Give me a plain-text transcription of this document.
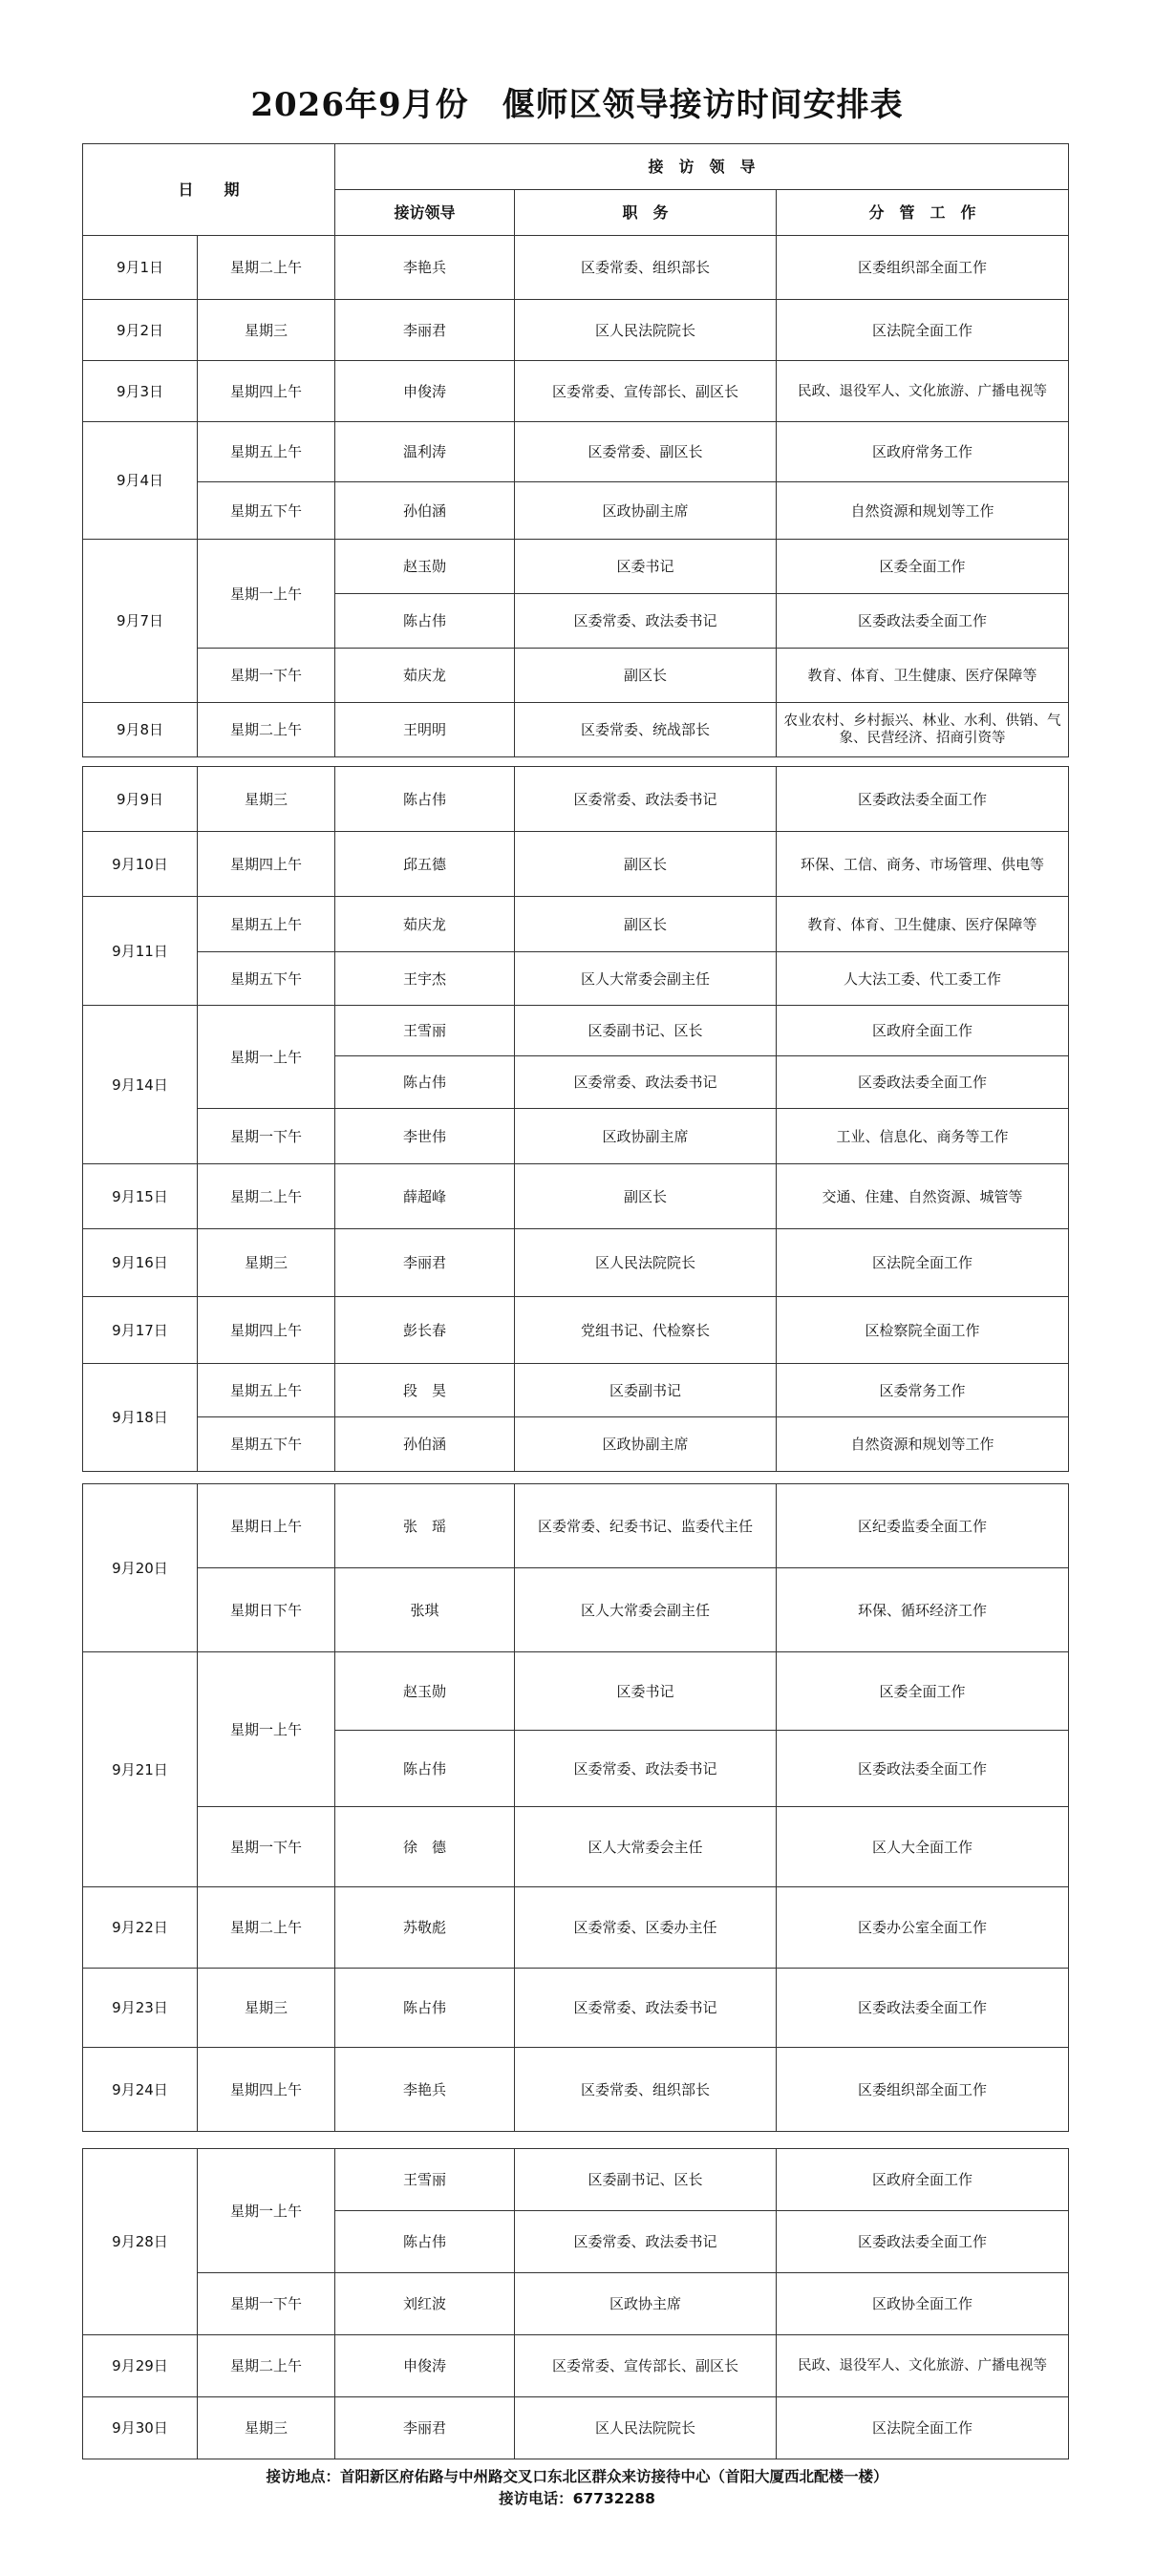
2026年9月份　偃师区领导接访时间安排表
日　　期		接　访　领　导		
		接访领导	职　务	分　管　工　作
9月1日	星期二上午	李艳兵	区委常委、组织部长	区委组织部全面工作
9月2日	星期三	李丽君	区人民法院院长	区法院全面工作
9月3日	星期四上午	申俊涛	区委常委、宣传部长、副区长	民政、退役军人、文化旅游、广播电视等
9月4日	星期五上午	温利涛	区委常委、副区长	区政府常务工作
	星期五下午	孙伯涵	区政协副主席	自然资源和规划等工作
9月7日	星期一上午	赵玉勋	区委书记	区委全面工作
		陈占伟	区委常委、政法委书记	区委政法委全面工作
	星期一下午	茹庆龙	副区长	教育、体育、卫生健康、医疗保障等
9月8日	星期二上午	王明明	区委常委、统战部长	农业农村、乡村振兴、林业、水利、供销、气象、民营经济、招商引资等
9月9日	星期三	陈占伟	区委常委、政法委书记	区委政法委全面工作
9月10日	星期四上午	邱五德	副区长	环保、工信、商务、市场管理、供电等
9月11日	星期五上午	茹庆龙	副区长	教育、体育、卫生健康、医疗保障等
	星期五下午	王宇杰	区人大常委会副主任	人大法工委、代工委工作
9月14日	星期一上午	王雪丽	区委副书记、区长	区政府全面工作
		陈占伟	区委常委、政法委书记	区委政法委全面工作
	星期一下午	李世伟	区政协副主席	工业、信息化、商务等工作
9月15日	星期二上午	薛超峰	副区长	交通、住建、自然资源、城管等
9月16日	星期三	李丽君	区人民法院院长	区法院全面工作
9月17日	星期四上午	彭长春	党组书记、代检察长	区检察院全面工作
9月18日	星期五上午	段　昊	区委副书记	区委常务工作
	星期五下午	孙伯涵	区政协副主席	自然资源和规划等工作
9月20日	星期日上午	张　瑶	区委常委、纪委书记、监委代主任	区纪委监委全面工作
	星期日下午	张琪	区人大常委会副主任	环保、循环经济工作
9月21日	星期一上午	赵玉勋	区委书记	区委全面工作
		陈占伟	区委常委、政法委书记	区委政法委全面工作
	星期一下午	徐　德	区人大常委会主任	区人大全面工作
9月22日	星期二上午	苏敬彪	区委常委、区委办主任	区委办公室全面工作
9月23日	星期三	陈占伟	区委常委、政法委书记	区委政法委全面工作
9月24日	星期四上午	李艳兵	区委常委、组织部长	区委组织部全面工作
9月28日	星期一上午	王雪丽	区委副书记、区长	区政府全面工作
		陈占伟	区委常委、政法委书记	区委政法委全面工作
	星期一下午	刘红波	区政协主席	区政协全面工作
9月29日	星期二上午	申俊涛	区委常委、宣传部长、副区长	民政、退役军人、文化旅游、广播电视等
9月30日	星期三	李丽君	区人民法院院长	区法院全面工作
接访地点：首阳新区府佑路与中州路交叉口东北区群众来访接待中心（首阳大厦西北配楼一楼）
接访电话：67732288
